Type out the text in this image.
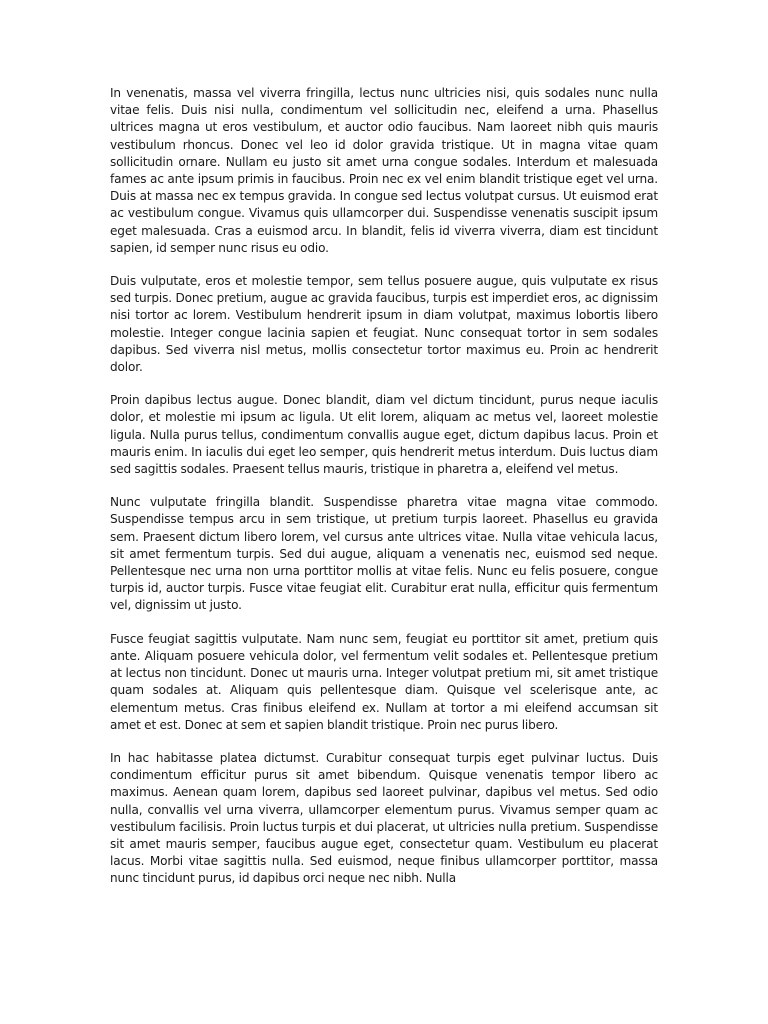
In venenatis, massa vel viverra fringilla, lectus nunc ultricies nisi, quis sodales nunc nulla vitae felis. Duis nisi nulla, condimentum vel sollicitudin nec, eleifend a urna. Phasellus ultrices magna ut eros vestibulum, et auctor odio faucibus. Nam laoreet nibh quis mauris vestibulum rhoncus. Donec vel leo id dolor gravida tristique. Ut in magna vitae quam sollicitudin ornare. Nullam eu justo sit amet urna congue sodales. Interdum et malesuada fames ac ante ipsum primis in faucibus. Proin nec ex vel enim blandit tristique eget vel urna. Duis at massa nec ex tempus gravida. In congue sed lectus volutpat cursus. Ut euismod erat ac vestibulum congue. Vivamus quis ullamcorper dui. Suspendisse venenatis suscipit ipsum eget malesuada. Cras a euismod arcu. In blandit, felis id viverra viverra, diam est tincidunt sapien, id semper nunc risus eu odio.

Duis vulputate, eros et molestie tempor, sem tellus posuere augue, quis vulputate ex risus sed turpis. Donec pretium, augue ac gravida faucibus, turpis est imperdiet eros, ac dignissim nisi tortor ac lorem. Vestibulum hendrerit ipsum in diam volutpat, maximus lobortis libero molestie. Integer congue lacinia sapien et feugiat. Nunc consequat tortor in sem sodales dapibus. Sed viverra nisl metus, mollis consectetur tortor maximus eu. Proin ac hendrerit dolor.

Proin dapibus lectus augue. Donec blandit, diam vel dictum tincidunt, purus neque iaculis dolor, et molestie mi ipsum ac ligula. Ut elit lorem, aliquam ac metus vel, laoreet molestie ligula. Nulla purus tellus, condimentum convallis augue eget, dictum dapibus lacus. Proin et mauris enim. In iaculis dui eget leo semper, quis hendrerit metus interdum. Duis luctus diam sed sagittis sodales. Praesent tellus mauris, tristique in pharetra a, eleifend vel metus.

Nunc vulputate fringilla blandit. Suspendisse pharetra vitae magna vitae commodo. Suspendisse tempus arcu in sem tristique, ut pretium turpis laoreet. Phasellus eu gravida sem. Praesent dictum libero lorem, vel cursus ante ultrices vitae. Nulla vitae vehicula lacus, sit amet fermentum turpis. Sed dui augue, aliquam a venenatis nec, euismod sed neque. Pellentesque nec urna non urna porttitor mollis at vitae felis. Nunc eu felis posuere, congue turpis id, auctor turpis. Fusce vitae feugiat elit. Curabitur erat nulla, efficitur quis fermentum vel, dignissim ut justo.

Fusce feugiat sagittis vulputate. Nam nunc sem, feugiat eu porttitor sit amet, pretium quis ante. Aliquam posuere vehicula dolor, vel fermentum velit sodales et. Pellentesque pretium at lectus non tincidunt. Donec ut mauris urna. Integer volutpat pretium mi, sit amet tristique quam sodales at. Aliquam quis pellentesque diam. Quisque vel scelerisque ante, ac elementum metus. Cras finibus eleifend ex. Nullam at tortor a mi eleifend accumsan sit amet et est. Donec at sem et sapien blandit tristique. Proin nec purus libero.

In hac habitasse platea dictumst. Curabitur consequat turpis eget pulvinar luctus. Duis condimentum efficitur purus sit amet bibendum. Quisque venenatis tempor libero ac maximus. Aenean quam lorem, dapibus sed laoreet pulvinar, dapibus vel metus. Sed odio nulla, convallis vel urna viverra, ullamcorper elementum purus. Vivamus semper quam ac vestibulum facilisis. Proin luctus turpis et dui placerat, ut ultricies nulla pretium. Suspendisse sit amet mauris semper, faucibus augue eget, consectetur quam. Vestibulum eu placerat lacus. Morbi vitae sagittis nulla. Sed euismod, neque finibus ullamcorper porttitor, massa nunc tincidunt purus, id dapibus orci neque nec nibh. Nulla
